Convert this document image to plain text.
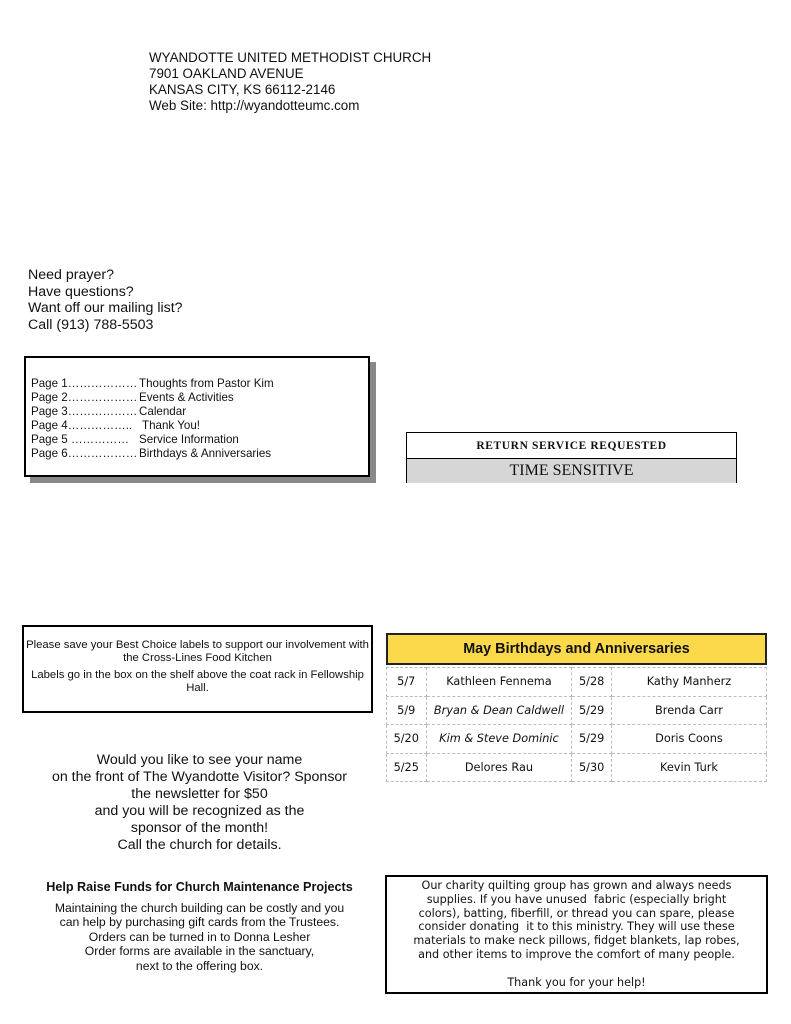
WYANDOTTE UNITED METHODIST CHURCH
7901 OAKLAND AVENUE
KANSAS CITY, KS 66112-2146
Web Site: http://wyandotteumc.com
Need prayer?
Have questions?
Want off our mailing list?
Call (913) 788-5503
Page 1……………… Thoughts from Pastor Kim
Page 2……………… Events & Activities
Page 3……………… Calendar
Page 4…………….. Thank You!
Page 5 …………… Service Information
Page 6……………… Birthdays & Anniversaries
RETURN SERVICE REQUESTED
TIME SENSITIVE

Please save your Best Choice labels to support our involvement with the Cross-Lines Food Kitchen

Labels go in the box on the shelf above the coat rack in Fellowship Hall.

Would you like to see your name
on the front of The Wyandotte Visitor? Sponsor
the newsletter for $50
and you will be recognized as the
sponsor of the month!
Call the church for details.
Help Raise Funds for Church Maintenance Projects
Maintaining the church building can be costly and you
can help by purchasing gift cards from the Trustees.
Orders can be turned in to Donna Lesher
Order forms are available in the sanctuary,
next to the offering box.
May Birthdays and Anniversaries
5/7	Kathleen Fennema	5/28	Kathy Manherz
5/9	Bryan & Dean Caldwell	5/29	Brenda Carr
5/20	Kim & Steve Dominic	5/29	Doris Coons
5/25	Delores Rau	5/30	Kevin Turk
Our charity quilting group has grown and always needs
supplies. If you have unused  fabric (especially bright
colors), batting, fiberfill, or thread you can spare, please
consider donating  it to this ministry. They will use these
materials to make neck pillows, fidget blankets, lap robes,
and other items to improve the comfort of many people.
Thank you for your help!
